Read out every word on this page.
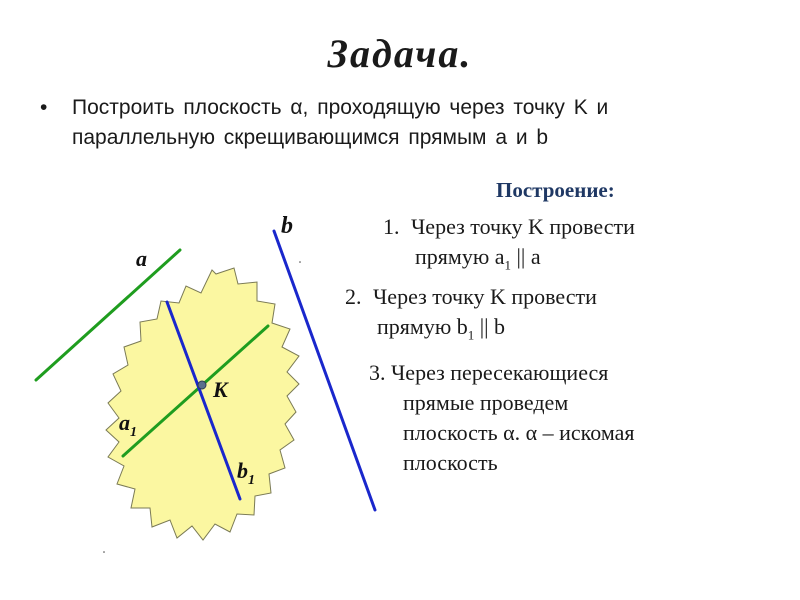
Задача.
• Построить плоскость α, проходящую через точку K и параллельную скрещивающимся прямым a и b
Построение:
1. Через точку K провести
прямую $a_1$ || a
2. Через точку K провести
прямую $b_1$ || b
3. Через пересекающиеся
прямые проведем
плоскость α. α – искомая
плоскость
a
b
K
$a_1$
$b_1$
